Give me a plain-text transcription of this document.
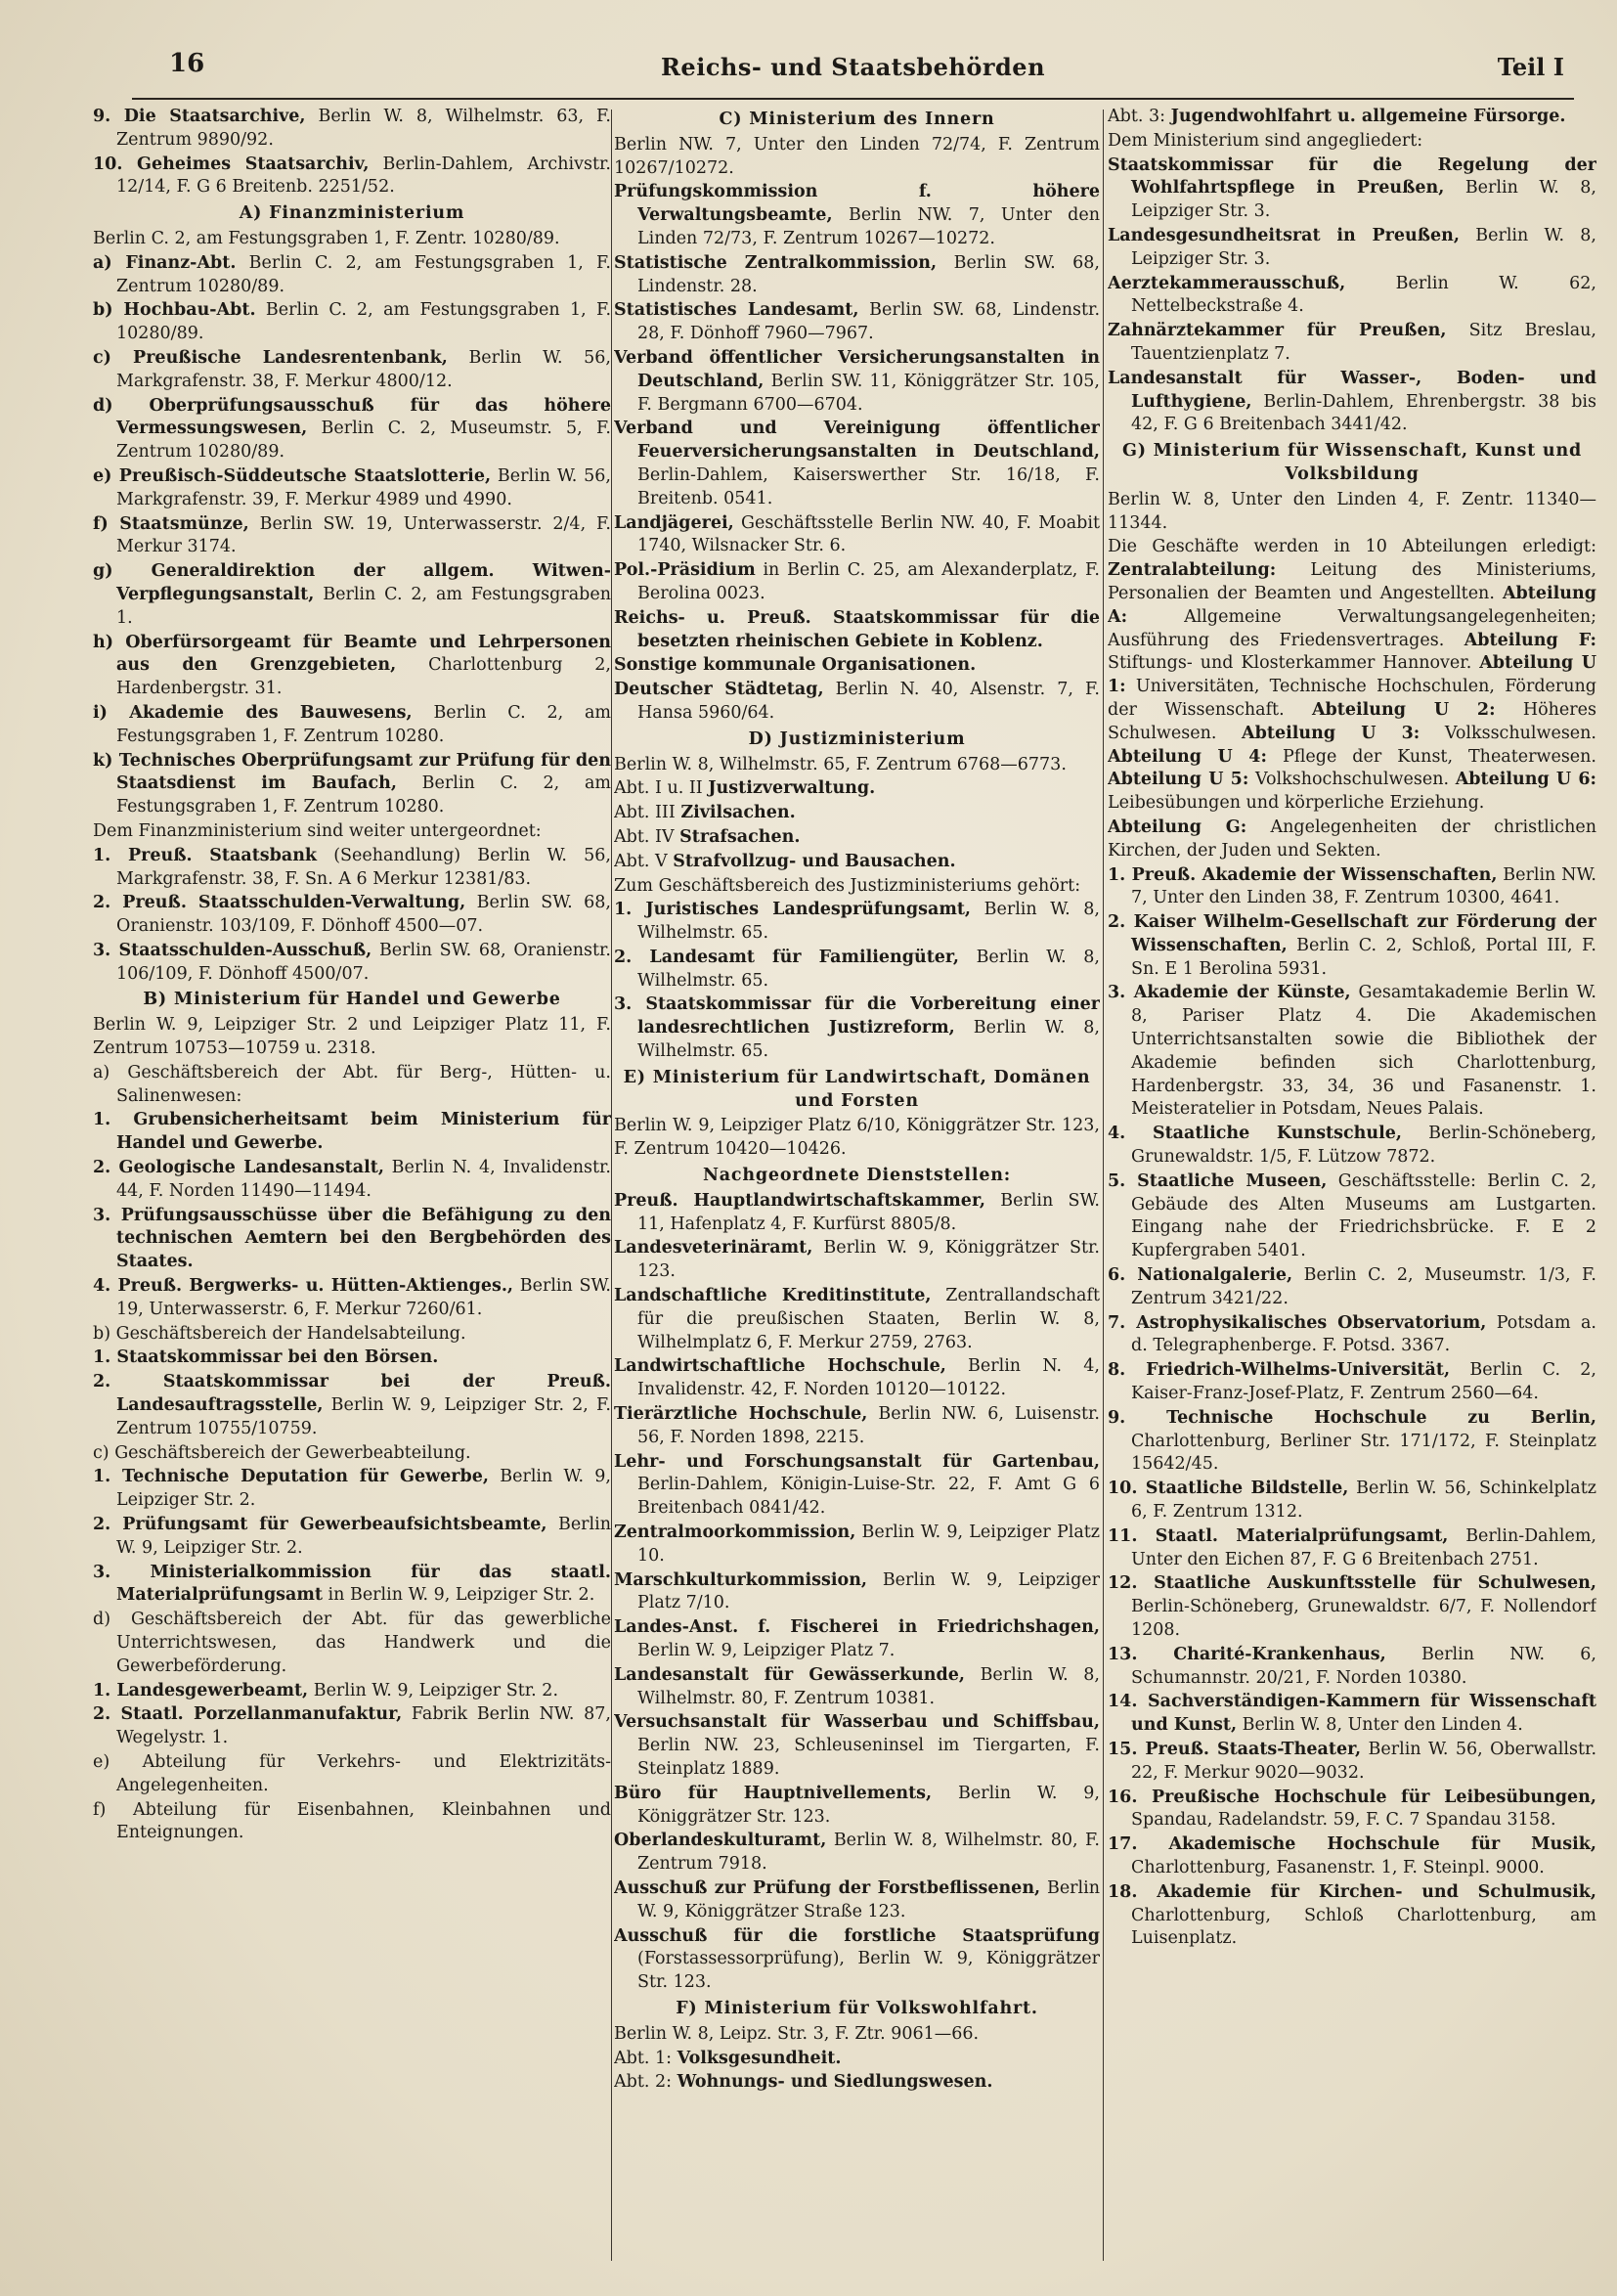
16	Reichs- und Staatsbehörden	Teil I
9. Die Staatsarchive, Berlin W. 8, Wilhelmstr. 63, F. Zentrum 9890/92.
10. Geheimes Staatsarchiv, Berlin-Dahlem, Archivstr. 12/14, F. G 6 Breitenb. 2251/52.
A) Finanzministerium
Berlin C. 2, am Festungsgraben 1, F. Zentr. 10280/89.
a) Finanz-Abt. Berlin C. 2, am Festungsgraben 1, F. Zentrum 10280/89.
b) Hochbau-Abt. Berlin C. 2, am Festungsgraben 1, F. 10280/89.
c) Preußische Landesrentenbank, Berlin W. 56, Markgrafenstr. 38, F. Merkur 4800/12.
d) Oberprüfungsausschuß für das höhere Vermessungswesen, Berlin C. 2, Museumstr. 5, F. Zentrum 10280/89.
e) Preußisch-Süddeutsche Staatslotterie, Berlin W. 56, Markgrafenstr. 39, F. Merkur 4989 und 4990.
f) Staatsmünze, Berlin SW. 19, Unterwasserstr. 2/4, F. Merkur 3174.
g) Generaldirektion der allgem. Witwen-Verpflegungsanstalt, Berlin C. 2, am Festungsgraben 1.
h) Oberfürsorgeamt für Beamte und Lehrpersonen aus den Grenzgebieten, Charlottenburg 2, Hardenbergstr. 31.
i) Akademie des Bauwesens, Berlin C. 2, am Festungsgraben 1, F. Zentrum 10280.
k) Technisches Oberprüfungsamt zur Prüfung für den Staatsdienst im Baufach, Berlin C. 2, am Festungsgraben 1, F. Zentrum 10280.
Dem Finanzministerium sind weiter untergeordnet:
1. Preuß. Staatsbank (Seehandlung) Berlin W. 56, Markgrafenstr. 38, F. Sn. A 6 Merkur 12381/83.
2. Preuß. Staatsschulden-Verwaltung, Berlin SW. 68, Oranienstr. 103/109, F. Dönhoff 4500—07.
3. Staatsschulden-Ausschuß, Berlin SW. 68, Oranienstr. 106/109, F. Dönhoff 4500/07.
B) Ministerium für Handel und Gewerbe
Berlin W. 9, Leipziger Str. 2 und Leipziger Platz 11, F. Zentrum 10753—10759 u. 2318.
a) Geschäftsbereich der Abt. für Berg-, Hütten- u. Salinenwesen:
1. Grubensicherheitsamt beim Ministerium für Handel und Gewerbe.
2. Geologische Landesanstalt, Berlin N. 4, Invalidenstr. 44, F. Norden 11490—11494.
3. Prüfungsausschüsse über die Befähigung zu den technischen Aemtern bei den Bergbehörden des Staates.
4. Preuß. Bergwerks- u. Hütten-Aktienges., Berlin SW. 19, Unterwasserstr. 6, F. Merkur 7260/61.
b) Geschäftsbereich der Handelsabteilung.
1. Staatskommissar bei den Börsen.
2. Staatskommissar bei der Preuß. Landesauftragsstelle, Berlin W. 9, Leipziger Str. 2, F. Zentrum 10755/10759.
c) Geschäftsbereich der Gewerbeabteilung.
1. Technische Deputation für Gewerbe, Berlin W. 9, Leipziger Str. 2.
2. Prüfungsamt für Gewerbeaufsichtsbeamte, Berlin W. 9, Leipziger Str. 2.
3. Ministerialkommission für das staatl. Materialprüfungsamt in Berlin W. 9, Leipziger Str. 2.
d) Geschäftsbereich der Abt. für das gewerbliche Unterrichtswesen, das Handwerk und die Gewerbeförderung.
1. Landesgewerbeamt, Berlin W. 9, Leipziger Str. 2.
2. Staatl. Porzellanmanufaktur, Fabrik Berlin NW. 87, Wegelystr. 1.
e) Abteilung für Verkehrs- und Elektrizitäts-Angelegenheiten.
f) Abteilung für Eisenbahnen, Kleinbahnen und Enteignungen.
C) Ministerium des Innern
Berlin NW. 7, Unter den Linden 72/74, F. Zentrum 10267/10272.
Prüfungskommission f. höhere Verwaltungsbeamte, Berlin NW. 7, Unter den Linden 72/73, F. Zentrum 10267—10272.
Statistische Zentralkommission, Berlin SW. 68, Lindenstr. 28.
Statistisches Landesamt, Berlin SW. 68, Lindenstr. 28, F. Dönhoff 7960—7967.
Verband öffentlicher Versicherungsanstalten in Deutschland, Berlin SW. 11, Königgrätzer Str. 105, F. Bergmann 6700—6704.
Verband und Vereinigung öffentlicher Feuerversicherungsanstalten in Deutschland, Berlin-Dahlem, Kaiserswerther Str. 16/18, F. Breitenb. 0541.
Landjägerei, Geschäftsstelle Berlin NW. 40, F. Moabit 1740, Wilsnacker Str. 6.
Pol.-Präsidium in Berlin C. 25, am Alexanderplatz, F. Berolina 0023.
Reichs- u. Preuß. Staatskommissar für die besetzten rheinischen Gebiete in Koblenz.
Sonstige kommunale Organisationen.
Deutscher Städtetag, Berlin N. 40, Alsenstr. 7, F. Hansa 5960/64.
D) Justizministerium
Berlin W. 8, Wilhelmstr. 65, F. Zentrum 6768—6773.
Abt. I u. II Justizverwaltung.
Abt. III Zivilsachen.
Abt. IV Strafsachen.
Abt. V Strafvollzug- und Bausachen.
Zum Geschäftsbereich des Justizministeriums gehört:
1. Juristisches Landesprüfungsamt, Berlin W. 8, Wilhelmstr. 65.
2. Landesamt für Familiengüter, Berlin W. 8, Wilhelmstr. 65.
3. Staatskommissar für die Vorbereitung einer landesrechtlichen Justizreform, Berlin W. 8, Wilhelmstr. 65.
E) Ministerium für Landwirtschaft, Domänen und Forsten
Berlin W. 9, Leipziger Platz 6/10, Königgrätzer Str. 123, F. Zentrum 10420—10426.
Nachgeordnete Dienststellen:
Preuß. Hauptlandwirtschaftskammer, Berlin SW. 11, Hafenplatz 4, F. Kurfürst 8805/8.
Landesveterinäramt, Berlin W. 9, Königgrätzer Str. 123.
Landschaftliche Kreditinstitute, Zentrallandschaft für die preußischen Staaten, Berlin W. 8, Wilhelmplatz 6, F. Merkur 2759, 2763.
Landwirtschaftliche Hochschule, Berlin N. 4, Invalidenstr. 42, F. Norden 10120—10122.
Tierärztliche Hochschule, Berlin NW. 6, Luisenstr. 56, F. Norden 1898, 2215.
Lehr- und Forschungsanstalt für Gartenbau, Berlin-Dahlem, Königin-Luise-Str. 22, F. Amt G 6 Breitenbach 0841/42.
Zentralmoorkommission, Berlin W. 9, Leipziger Platz 10.
Marschkulturkommission, Berlin W. 9, Leipziger Platz 7/10.
Landes-Anst. f. Fischerei in Friedrichshagen, Berlin W. 9, Leipziger Platz 7.
Landesanstalt für Gewässerkunde, Berlin W. 8, Wilhelmstr. 80, F. Zentrum 10381.
Versuchsanstalt für Wasserbau und Schiffsbau, Berlin NW. 23, Schleuseninsel im Tiergarten, F. Steinplatz 1889.
Büro für Hauptnivellements, Berlin W. 9, Königgrätzer Str. 123.
Oberlandeskulturamt, Berlin W. 8, Wilhelmstr. 80, F. Zentrum 7918.
Ausschuß zur Prüfung der Forstbeflissenen, Berlin W. 9, Königgrätzer Straße 123.
Ausschuß für die forstliche Staatsprüfung (Forstassessorprüfung), Berlin W. 9, Königgrätzer Str. 123.
F) Ministerium für Volkswohlfahrt.
Berlin W. 8, Leipz. Str. 3, F. Ztr. 9061—66.
Abt. 1: Volksgesundheit.
Abt. 2: Wohnungs- und Siedlungswesen.
Abt. 3: Jugendwohlfahrt u. allgemeine Fürsorge.
Dem Ministerium sind angegliedert:
Staatskommissar für die Regelung der Wohlfahrtspflege in Preußen, Berlin W. 8, Leipziger Str. 3.
Landesgesundheitsrat in Preußen, Berlin W. 8, Leipziger Str. 3.
Aerztekammerausschuß, Berlin W. 62, Nettelbeckstraße 4.
Zahnärztekammer für Preußen, Sitz Breslau, Tauentzienplatz 7.
Landesanstalt für Wasser-, Boden- und Lufthygiene, Berlin-Dahlem, Ehrenbergstr. 38 bis 42, F. G 6 Breitenbach 3441/42.
G) Ministerium für Wissenschaft, Kunst und Volksbildung
Berlin W. 8, Unter den Linden 4, F. Zentr. 11340—11344.
Die Geschäfte werden in 10 Abteilungen erledigt: Zentralabteilung: Leitung des Ministeriums, Personalien der Beamten und Angestellten. Abteilung A: Allgemeine Verwaltungsangelegenheiten; Ausführung des Friedensvertrages. Abteilung F: Stiftungs- und Klosterkammer Hannover. Abteilung U 1: Universitäten, Technische Hochschulen, Förderung der Wissenschaft. Abteilung U 2: Höheres Schulwesen. Abteilung U 3: Volksschulwesen. Abteilung U 4: Pflege der Kunst, Theaterwesen. Abteilung U 5: Volkshochschulwesen. Abteilung U 6: Leibesübungen und körperliche Erziehung.
Abteilung G: Angelegenheiten der christlichen Kirchen, der Juden und Sekten.
1. Preuß. Akademie der Wissenschaften, Berlin NW. 7, Unter den Linden 38, F. Zentrum 10300, 4641.
2. Kaiser Wilhelm-Gesellschaft zur Förderung der Wissenschaften, Berlin C. 2, Schloß, Portal III, F. Sn. E 1 Berolina 5931.
3. Akademie der Künste, Gesamtakademie Berlin W. 8, Pariser Platz 4. Die Akademischen Unterrichtsanstalten sowie die Bibliothek der Akademie befinden sich Charlottenburg, Hardenbergstr. 33, 34, 36 und Fasanenstr. 1. Meisteratelier in Potsdam, Neues Palais.
4. Staatliche Kunstschule, Berlin-Schöneberg, Grunewaldstr. 1/5, F. Lützow 7872.
5. Staatliche Museen, Geschäftsstelle: Berlin C. 2, Gebäude des Alten Museums am Lustgarten. Eingang nahe der Friedrichsbrücke. F. E 2 Kupfergraben 5401.
6. Nationalgalerie, Berlin C. 2, Museumstr. 1/3, F. Zentrum 3421/22.
7. Astrophysikalisches Observatorium, Potsdam a. d. Telegraphenberge. F. Potsd. 3367.
8. Friedrich-Wilhelms-Universität, Berlin C. 2, Kaiser-Franz-Josef-Platz, F. Zentrum 2560—64.
9. Technische Hochschule zu Berlin, Charlottenburg, Berliner Str. 171/172, F. Steinplatz 15642/45.
10. Staatliche Bildstelle, Berlin W. 56, Schinkelplatz 6, F. Zentrum 1312.
11. Staatl. Materialprüfungsamt, Berlin-Dahlem, Unter den Eichen 87, F. G 6 Breitenbach 2751.
12. Staatliche Auskunftsstelle für Schulwesen, Berlin-Schöneberg, Grunewaldstr. 6/7, F. Nollendorf 1208.
13. Charité-Krankenhaus, Berlin NW. 6, Schumannstr. 20/21, F. Norden 10380.
14. Sachverständigen-Kammern für Wissenschaft und Kunst, Berlin W. 8, Unter den Linden 4.
15. Preuß. Staats-Theater, Berlin W. 56, Oberwallstr. 22, F. Merkur 9020—9032.
16. Preußische Hochschule für Leibesübungen, Spandau, Radelandstr. 59, F. C. 7 Spandau 3158.
17. Akademische Hochschule für Musik, Charlottenburg, Fasanenstr. 1, F. Steinpl. 9000.
18. Akademie für Kirchen- und Schulmusik, Charlottenburg, Schloß Charlottenburg, am Luisenplatz.
